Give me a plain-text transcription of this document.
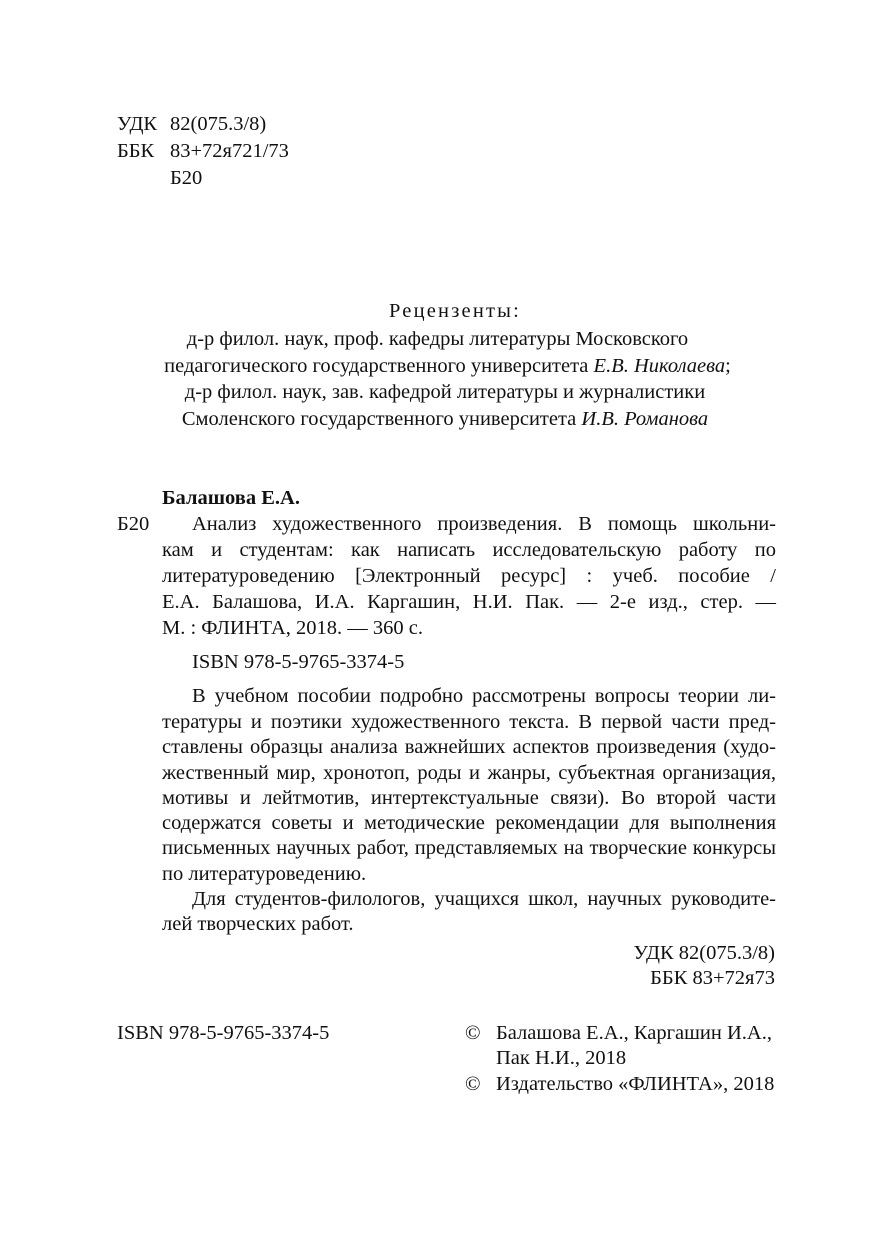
УДК 82(075.3/8)
ББК 83+72я721/73
Б20
Рецензенты:
д-р филол. наук, проф. кафедры литературы Московского
педагогического государственного университета Е.В. Николаева;
д-р филол. наук, зав. кафедрой литературы и журналистики
Смоленского государственного университета И.В. Романова
Балашова Е.А.
Б20 Анализ художественного произведения. В помощь школьни-
кам и студентам: как написать исследовательскую работу по
литературоведению [Электронный ресурс] : учеб. пособие /
Е.А. Балашова, И.А. Каргашин, Н.И. Пак. — 2-е изд., стер. —
М. : ФЛИНТА, 2018. — 360 с.
ISBN 978-5-9765-3374-5
В учебном пособии подробно рассмотрены вопросы теории ли-
тературы и поэтики художественного текста. В первой части пред-
ставлены образцы анализа важнейших аспектов произведения (худо-
жественный мир, хронотоп, роды и жанры, субъектная организация,
мотивы и лейтмотив, интертекстуальные связи). Во второй части
содержатся советы и методические рекомендации для выполнения
письменных научных работ, представляемых на творческие конкурсы
по литературоведению.
Для студентов-филологов, учащихся школ, научных руководите-
лей творческих работ.
УДК 82(075.3/8)
ББК 83+72я73
ISBN 978-5-9765-3374-5	© Балашова Е.А., Каргашин И.А.,
Пак Н.И., 2018
© Издательство «ФЛИНТА», 2018
